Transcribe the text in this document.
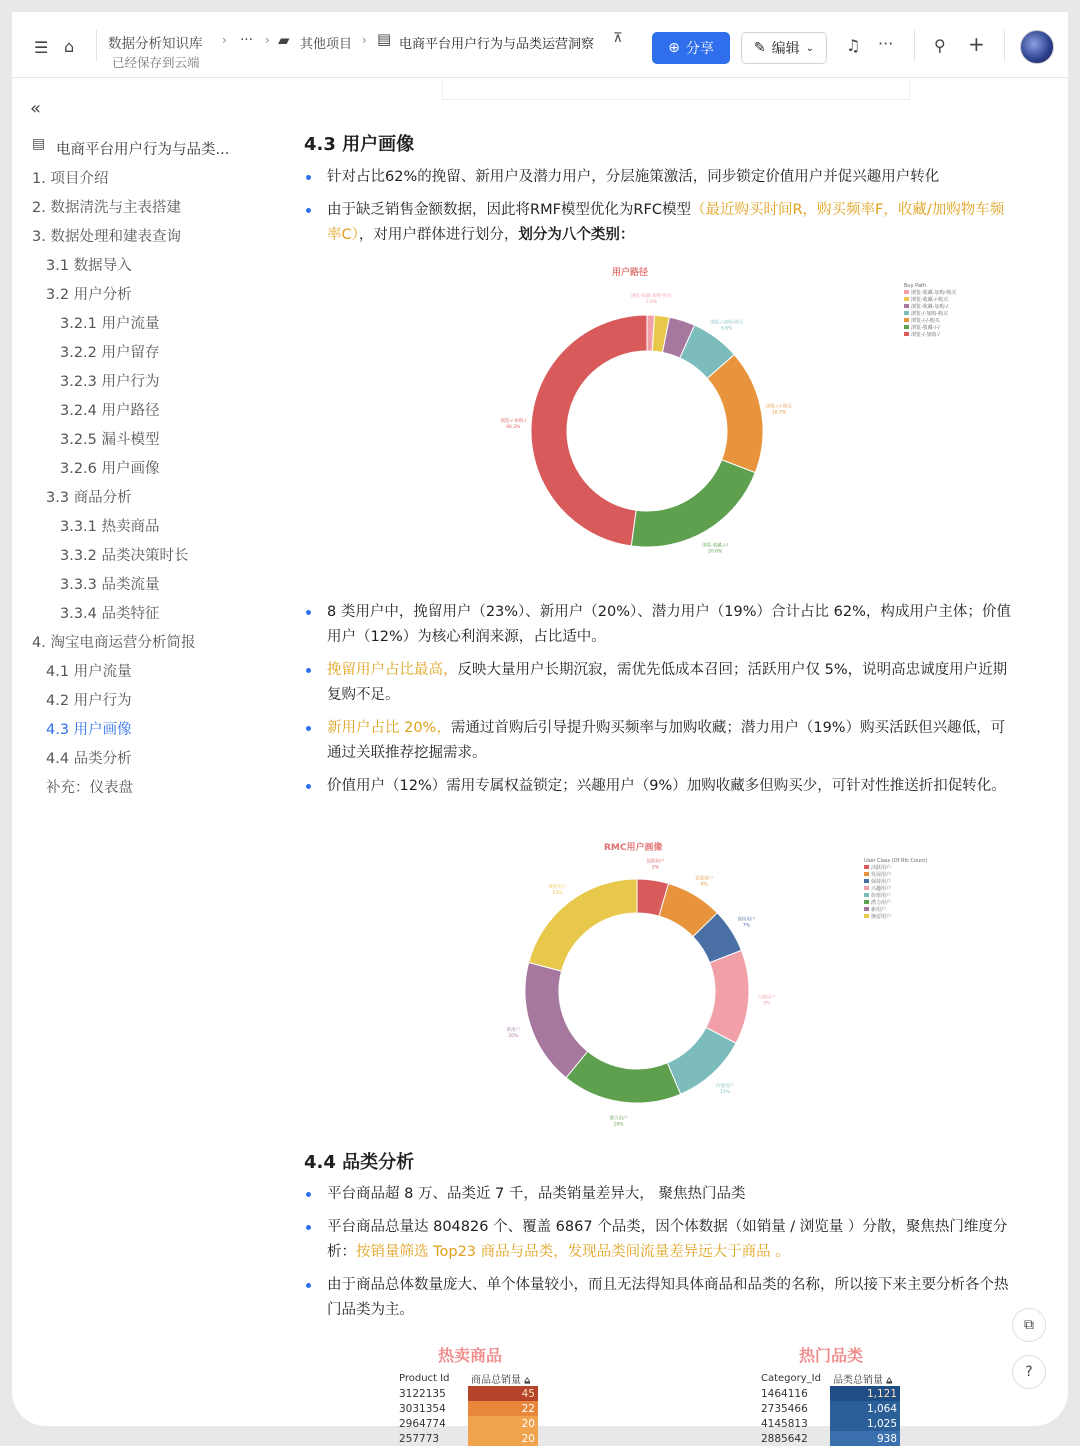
☰ ⌂	数据分析知识库 › ··· › ▰ 其他项目 › ▤ 电商平台用户行为与品类运营洞察 ⊼
已经保存到云端
⊕ 分享	✎ 编辑 ⌄ ♫ ···	⚲ +
«
▤ 电商平台用户行为与品类...
1. 项目介绍
2. 数据清洗与主表搭建
3. 数据处理和建表查询
3.1 数据导入
3.2 用户分析
3.2.1 用户流量
3.2.2 用户留存
3.2.3 用户行为
3.2.4 用户路径
3.2.5 漏斗模型
3.2.6 用户画像
3.3 商品分析
3.3.1 热卖商品
3.3.2 品类决策时长
3.3.3 品类流量
3.3.4 品类特征
4. 淘宝电商运营分析简报
4.1 用户流量
4.2 用户行为
4.3 用户画像
4.4 品类分析
补充：仪表盘
4.3 用户画像
针对占比62%的挽留、新用户及潜力用户，分层施策激活，同步锁定价值用户并促兴趣用户转化
由于缺乏销售金额数据，因此将RMF模型优化为RFC模型（最近购买时间R，购买频率F，收藏/加购物车频率C），对用户群体进行划分，划分为八个类别：
用户路径
浏览-收藏-加购-购买
1.0%
浏览-/-加购-购买
6.6%
浏览-/-/-购买
16.7%
浏览-收藏-/-/
20.6%
浏览-/-加购-/
46.2%
Buy Path
浏览-收藏-加购-购买
浏览-收藏-/-购买
浏览-收藏-加购-/
浏览-/-加购-购买
浏览-/-/-购买
浏览-收藏-/-/
浏览-/-加购-/
8 类用户中，挽留用户（23%）、新用户（20%）、潜力用户（19%）合计占比 62%，构成用户主体；价值用户（12%）为核心利润来源，占比适中。
挽留用户占比最高，反映大量用户长期沉寂，需优先低成本召回；活跃用户仅 5%，说明高忠诚度用户近期复购不足。
新用户占比 20%，需通过首购后引导提升购买频率与加购收藏；潜力用户（19%）购买活跃但兴趣低，可通过关联推荐挖掘需求。
价值用户（12%）需用专属权益锁定；兴趣用户（9%）加购收藏多但购买少，可针对性推送折扣促转化。
RMC用户画像
活跃用户
5%
发展用户
9%
保持用户
7%
兴趣用户
9%
价值用户
12%
潜力用户
19%
新用户
20%
挽留用户
23%
User Class (Of Rfc Count)
活跃用户
发展用户
保持用户
兴趣用户
价值用户
潜力用户
新用户
挽留用户
4.4 品类分析
平台商品超 8 万、品类近 7 千，品类销量差异大， 聚焦热门品类
平台商品总量达 804826 个、覆盖 6867 个品类，因个体数据（如销量 / 浏览量 ）分散，聚焦热门维度分析：按销量筛选 Top23 商品与品类，发现品类间流量差异远大于商品 。
由于商品总体数量庞大、单个体量较小，而且无法得知具体商品和品类的名称，所以接下来主要分析各个热门品类为主。
热卖商品
Product Id	商品总销量 ⩠
3122135	45
3031354	22
2964774	20
257773	20
热门品类
Category_Id	品类总销量 ⩠
1464116	1,121
2735466	1,064
4145813	1,025
2885642	938
⧉
?
